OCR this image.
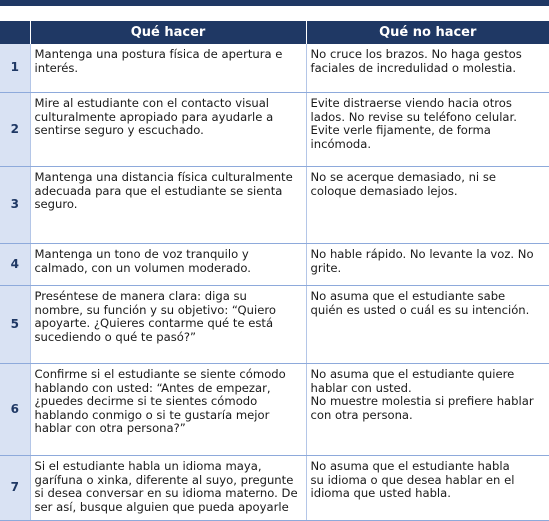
	Qué hacer	Qué no hacer
1	Mantenga una postura física de apertura e
interés.	No cruce los brazos. No haga gestos
faciales de incredulidad o molestia.
2	Mire al estudiante con el contacto visual
culturalmente apropiado para ayudarle a
sentirse seguro y escuchado.	Evite distraerse viendo hacia otros
lados. No revise su teléfono celular.
Evite verle fijamente, de forma
incómoda.
3	Mantenga una distancia física culturalmente
adecuada para que el estudiante se sienta
seguro.	No se acerque demasiado, ni se
coloque demasiado lejos.
4	Mantenga un tono de voz tranquilo y
calmado, con un volumen moderado.	No hable rápido. No levante la voz. No
grite.
5	Preséntese de manera clara: diga su
nombre, su función y su objetivo: “Quiero
apoyarte. ¿Quieres contarme qué te está
sucediendo o qué te pasó?”	No asuma que el estudiante sabe
quién es usted o cuál es su intención.
6	Confirme si el estudiante se siente cómodo
hablando con usted: “Antes de empezar,
¿puedes decirme si te sientes cómodo
hablando conmigo o si te gustaría mejor
hablar con otra persona?”	No asuma que el estudiante quiere
hablar con usted.
No muestre molestia si prefiere hablar
con otra persona.
7	Si el estudiante habla un idioma maya,
garífuna o xinka, diferente al suyo, pregunte
si desea conversar en su idioma materno. De
ser así, busque alguien que pueda apoyarle	No asuma que el estudiante habla
su idioma o que desea hablar en el
idioma que usted habla.
